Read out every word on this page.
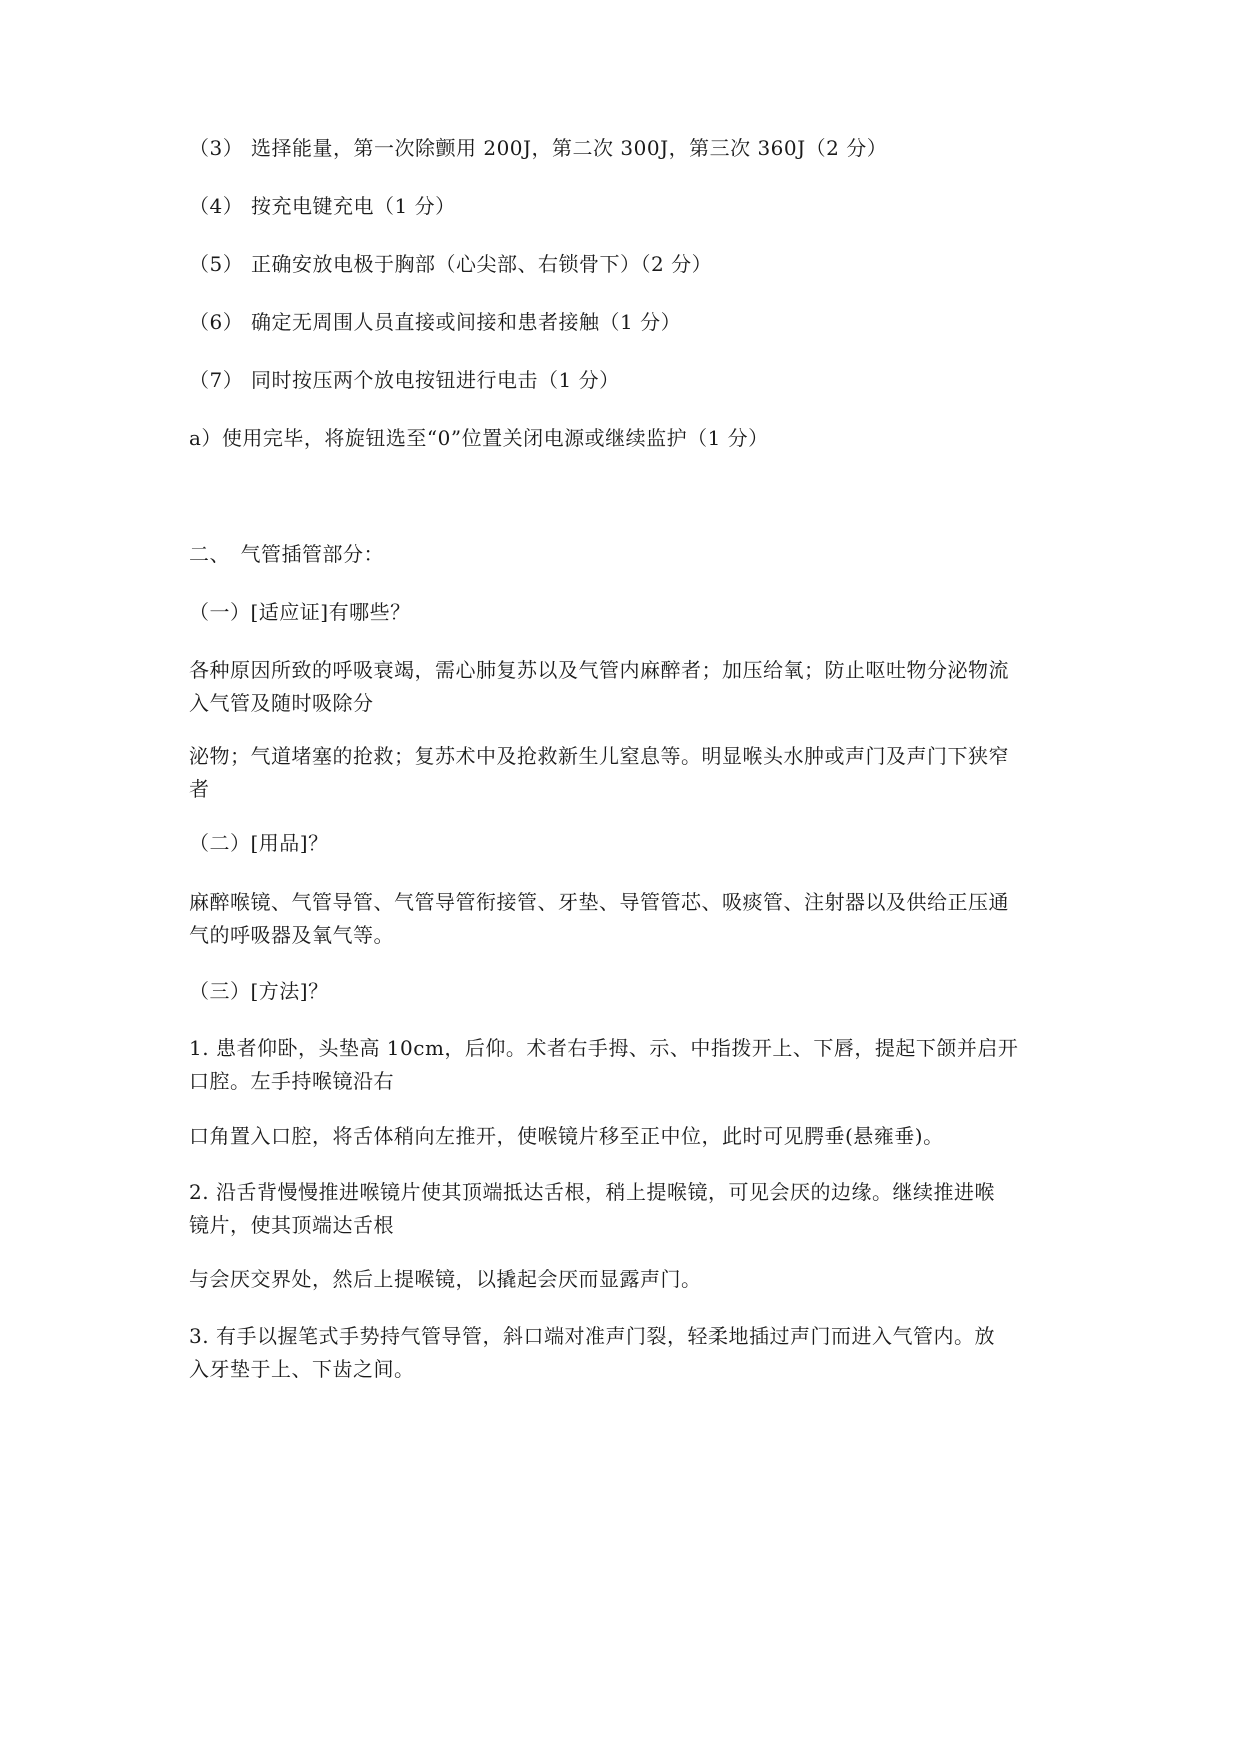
（3） 选择能量，第一次除颤用 200J，第二次 300J，第三次 360J（2 分）
（4） 按充电键充电（1 分）
（5） 正确安放电极于胸部（心尖部、右锁骨下）（2 分）
（6） 确定无周围人员直接或间接和患者接触（1 分）
（7） 同时按压两个放电按钮进行电击（1 分）
a）使用完毕，将旋钮选至“0”位置关闭电源或继续监护（1 分）
二、　气管插管部分：
（一）[适应证]有哪些？
各种原因所致的呼吸衰竭，需心肺复苏以及气管内麻醉者；加压给氧；防止呕吐物分泌物流
入气管及随时吸除分
泌物；气道堵塞的抢救；复苏术中及抢救新生儿窒息等。明显喉头水肿或声门及声门下狭窄
者
（二）[用品]？
麻醉喉镜、气管导管、气管导管衔接管、牙垫、导管管芯、吸痰管、注射器以及供给正压通
气的呼吸器及氧气等。
（三）[方法]？
1. 患者仰卧，头垫高 10cm，后仰。术者右手拇、示、中指拨开上、下唇，提起下颌并启开
口腔。左手持喉镜沿右
口角置入口腔，将舌体稍向左推开，使喉镜片移至正中位，此时可见腭垂(悬雍垂)。
2. 沿舌背慢慢推进喉镜片使其顶端抵达舌根，稍上提喉镜，可见会厌的边缘。继续推进喉
镜片，使其顶端达舌根
与会厌交界处，然后上提喉镜，以撬起会厌而显露声门。
3. 有手以握笔式手势持气管导管，斜口端对准声门裂，轻柔地插过声门而进入气管内。放
入牙垫于上、下齿之间。
